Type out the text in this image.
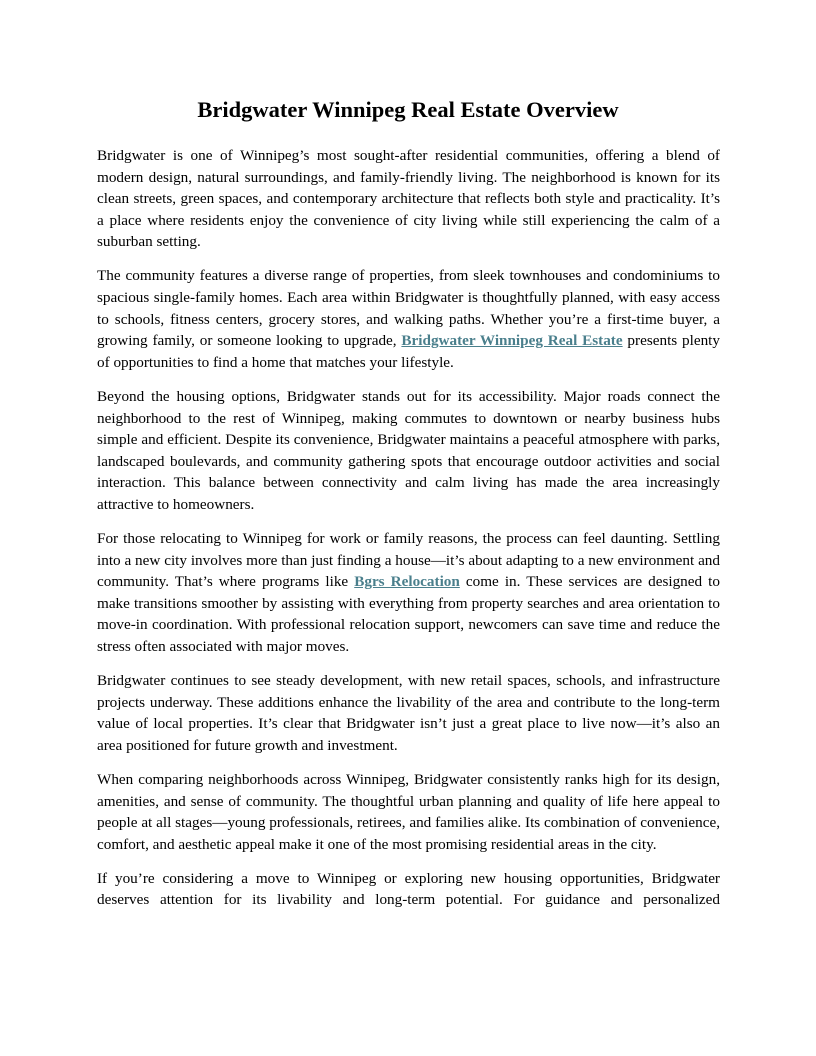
Bridgwater Winnipeg Real Estate Overview

Bridgwater is one of Winnipeg’s most sought-after residential communities, offering a blend of modern design, natural surroundings, and family-friendly living. The neighborhood is known for its clean streets, green spaces, and contemporary architecture that reflects both style and practicality. It’s a place where residents enjoy the convenience of city living while still experiencing the calm of a suburban setting.

The community features a diverse range of properties, from sleek townhouses and condominiums to spacious single-family homes. Each area within Bridgwater is thoughtfully planned, with easy access to schools, fitness centers, grocery stores, and walking paths. Whether you’re a first-time buyer, a growing family, or someone looking to upgrade, Bridgwater Winnipeg Real Estate presents plenty of opportunities to find a home that matches your lifestyle.

Beyond the housing options, Bridgwater stands out for its accessibility. Major roads connect the neighborhood to the rest of Winnipeg, making commutes to downtown or nearby business hubs simple and efficient. Despite its convenience, Bridgwater maintains a peaceful atmosphere with parks, landscaped boulevards, and community gathering spots that encourage outdoor activities and social interaction. This balance between connectivity and calm living has made the area increasingly attractive to homeowners.

For those relocating to Winnipeg for work or family reasons, the process can feel daunting. Settling into a new city involves more than just finding a house—it’s about adapting to a new environment and community. That’s where programs like Bgrs Relocation come in. These services are designed to make transitions smoother by assisting with everything from property searches and area orientation to move-in coordination. With professional relocation support, newcomers can save time and reduce the stress often associated with major moves.

Bridgwater continues to see steady development, with new retail spaces, schools, and infrastructure projects underway. These additions enhance the livability of the area and contribute to the long-term value of local properties. It’s clear that Bridgwater isn’t just a great place to live now—it’s also an area positioned for future growth and investment.

When comparing neighborhoods across Winnipeg, Bridgwater consistently ranks high for its design, amenities, and sense of community. The thoughtful urban planning and quality of life here appeal to people at all stages—young professionals, retirees, and families alike. Its combination of convenience, comfort, and aesthetic appeal make it one of the most promising residential areas in the city.

If you’re considering a move to Winnipeg or exploring new housing opportunities, Bridgwater deserves attention for its livability and long-term potential. For guidance and personalized
